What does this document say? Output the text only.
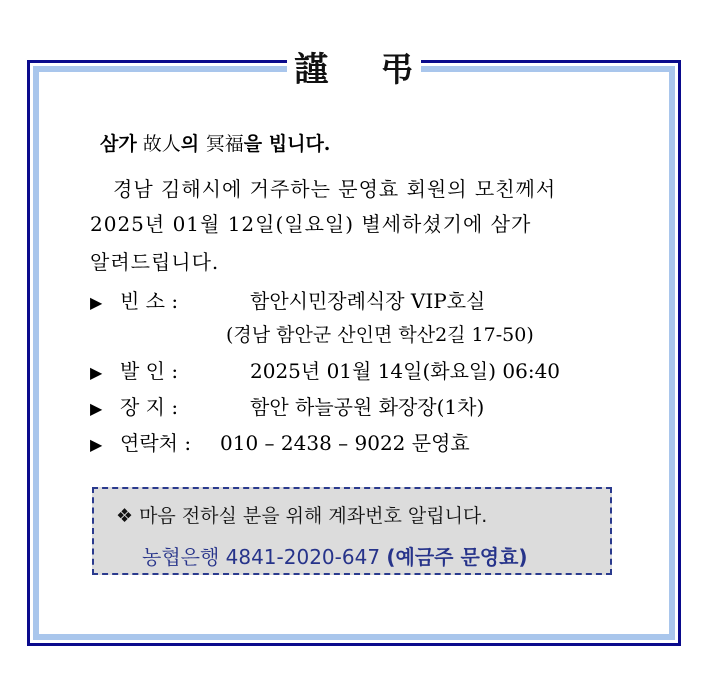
謹 弔
삼가 故人의 冥福을 빕니다.
경남 김해시에 거주하는 문영효 회원의 모친께서
2025년 01월 12일(일요일) 별세하셨기에 삼가
알려드립니다.
▶ 빈 소 :	함안시민장례식장 VIP호실
(경남 함안군 산인면 학산2길 17-50)
▶ 발 인 :	2025년 01월 14일(화요일) 06:40
▶ 장 지 :	함안 하늘공원 화장장(1차)
▶ 연락처 : 010 – 2438 – 9022 문영효
❖ 마음 전하실 분을 위해 계좌번호 알립니다.
농협은행 4841-2020-647 (예금주 문영효)
